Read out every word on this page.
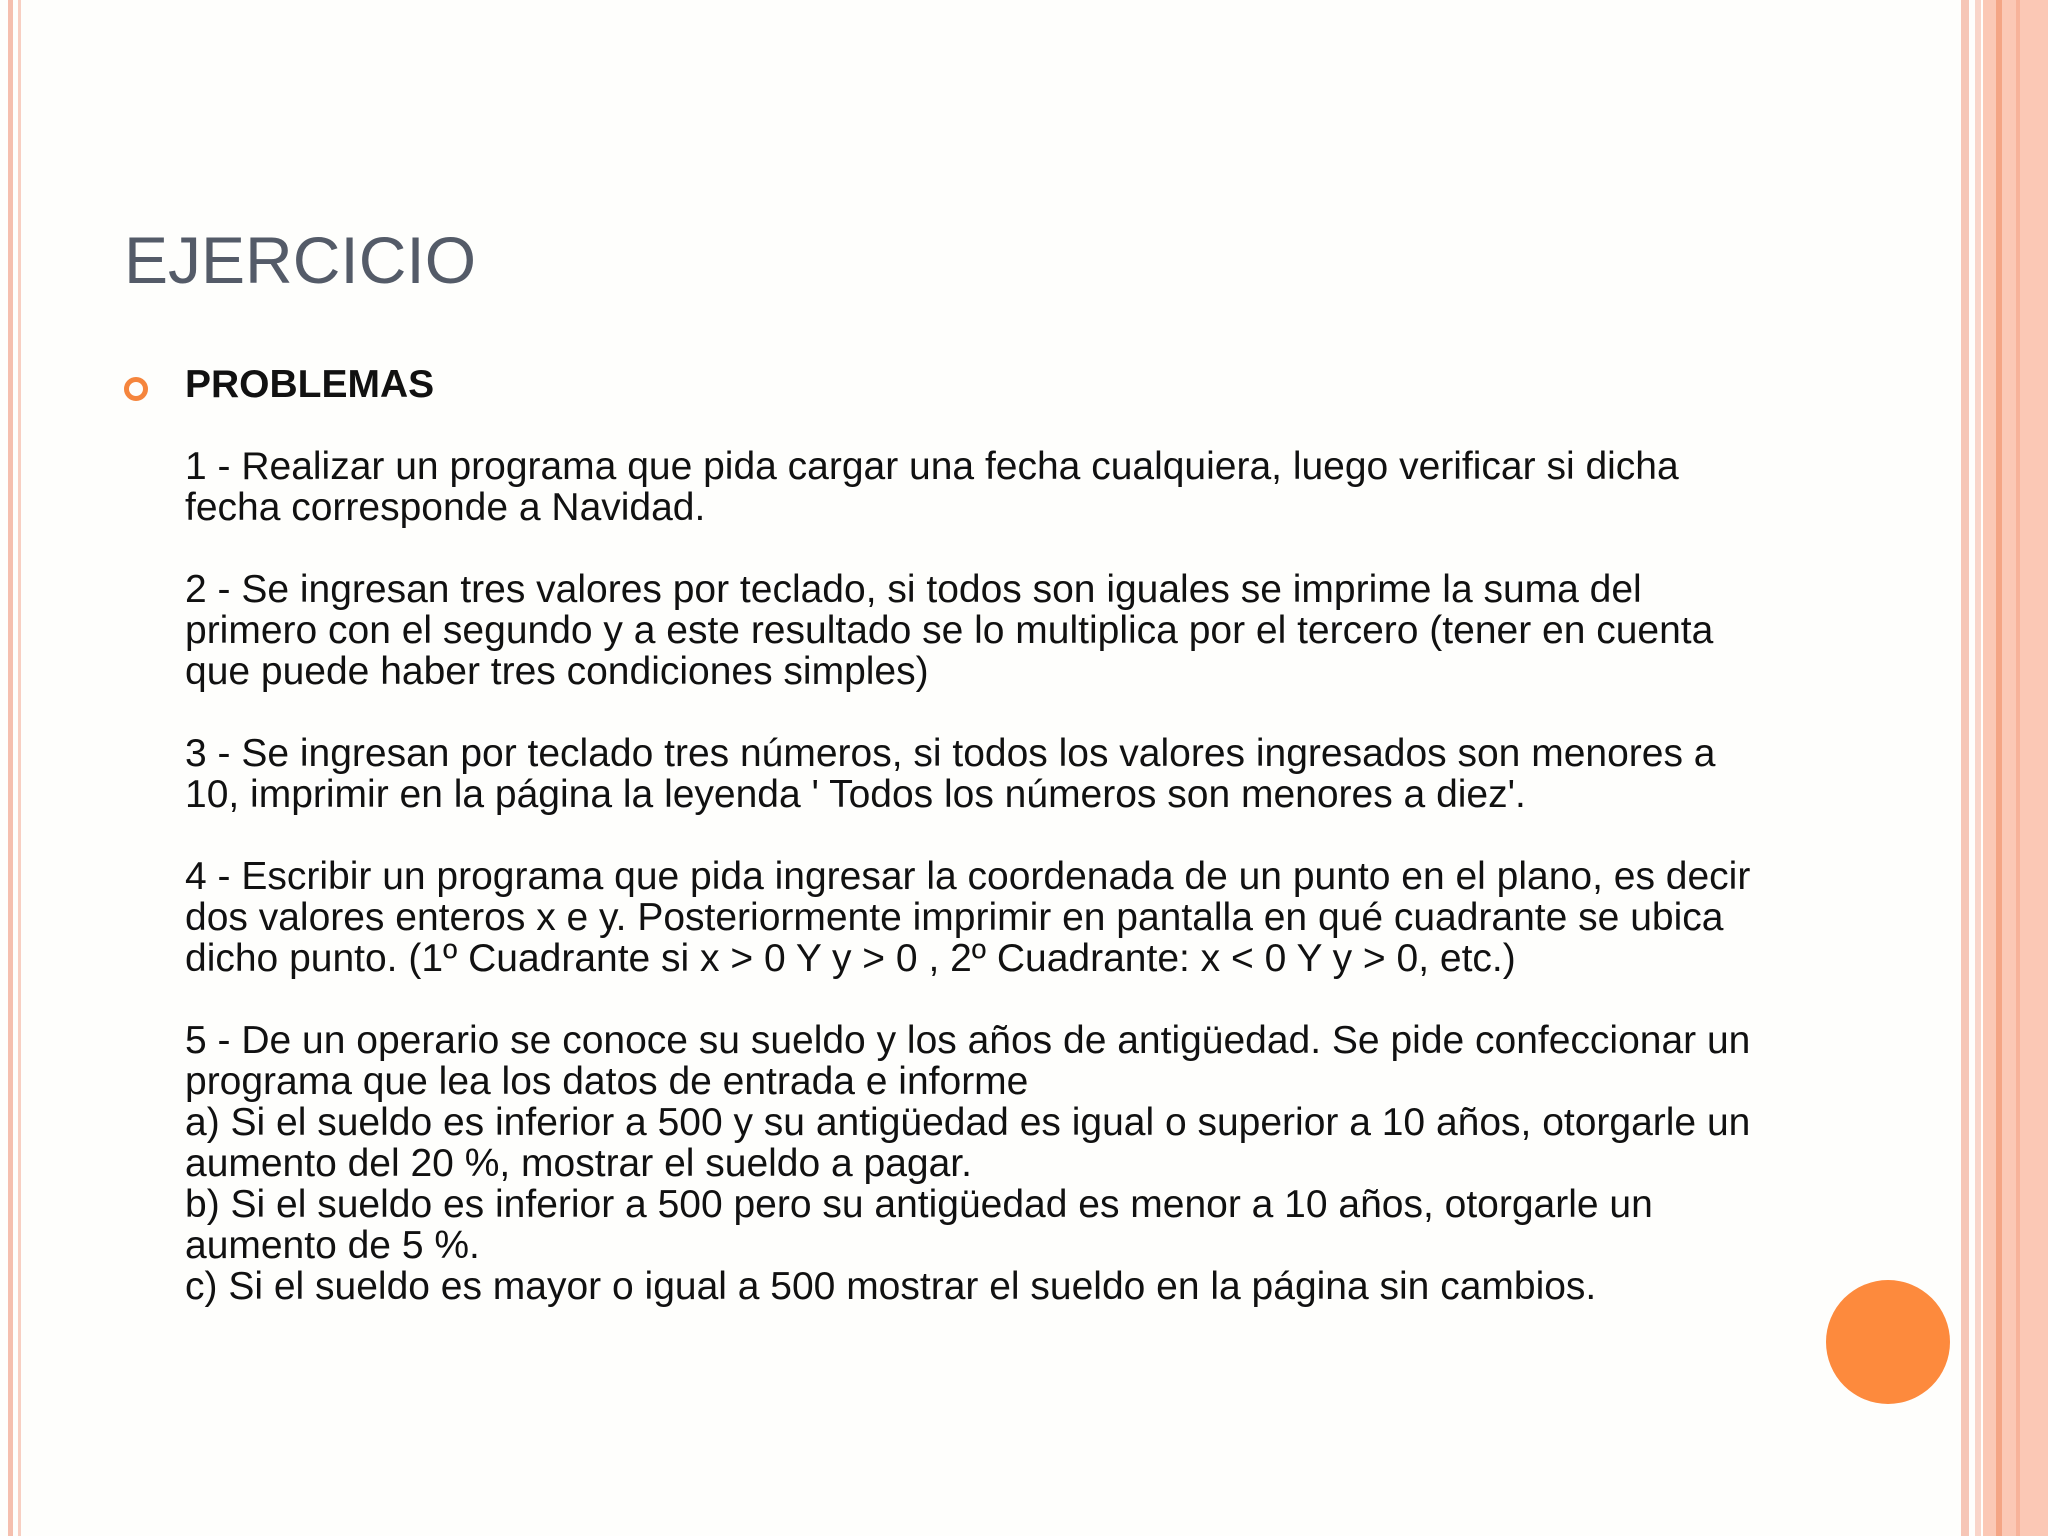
EJERCICIO
PROBLEMAS

1 - Realizar un programa que pida cargar una fecha cualquiera, luego verificar si dicha fecha corresponde a Navidad.

2 - Se ingresan tres valores por teclado, si todos son iguales se imprime la suma del primero con el segundo y a este resultado se lo multiplica por el tercero (tener en cuenta que puede haber tres condiciones simples)

3 - Se ingresan por teclado tres números, si todos los valores ingresados son menores a 10, imprimir en la página la leyenda ' Todos los números son menores a diez'.

4 - Escribir un programa que pida ingresar la coordenada de un punto en el plano, es decir dos valores enteros x e y. Posteriormente imprimir en pantalla en qué cuadrante se ubica dicho punto. (1º Cuadrante si x > 0 Y y > 0 , 2º Cuadrante: x < 0 Y y > 0, etc.)

5 - De un operario se conoce su sueldo y los años de antigüedad. Se pide confeccionar un programa que lea los datos de entrada e informe

a) Si el sueldo es inferior a 500 y su antigüedad es igual o superior a 10 años, otorgarle un aumento del 20 %, mostrar el sueldo a pagar.

b) Si el sueldo es inferior a 500 pero su antigüedad es menor a 10 años, otorgarle un aumento de 5 %.

c) Si el sueldo es mayor o igual a 500 mostrar el sueldo en la página sin cambios.
